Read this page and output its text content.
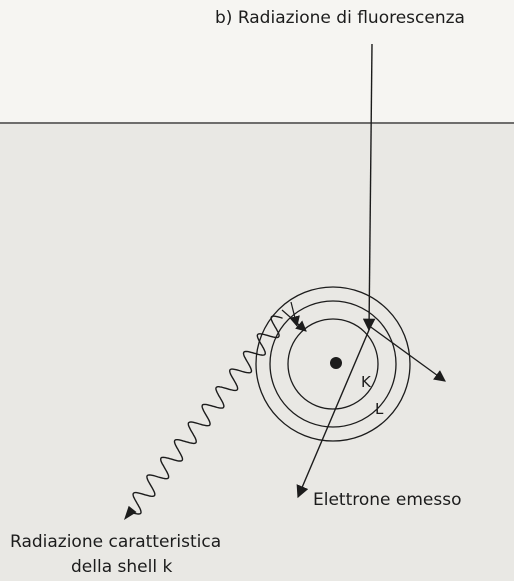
b) Radiazione di fluorescenza
K
L
Elettrone emesso
Radiazione caratteristica
della shell k
